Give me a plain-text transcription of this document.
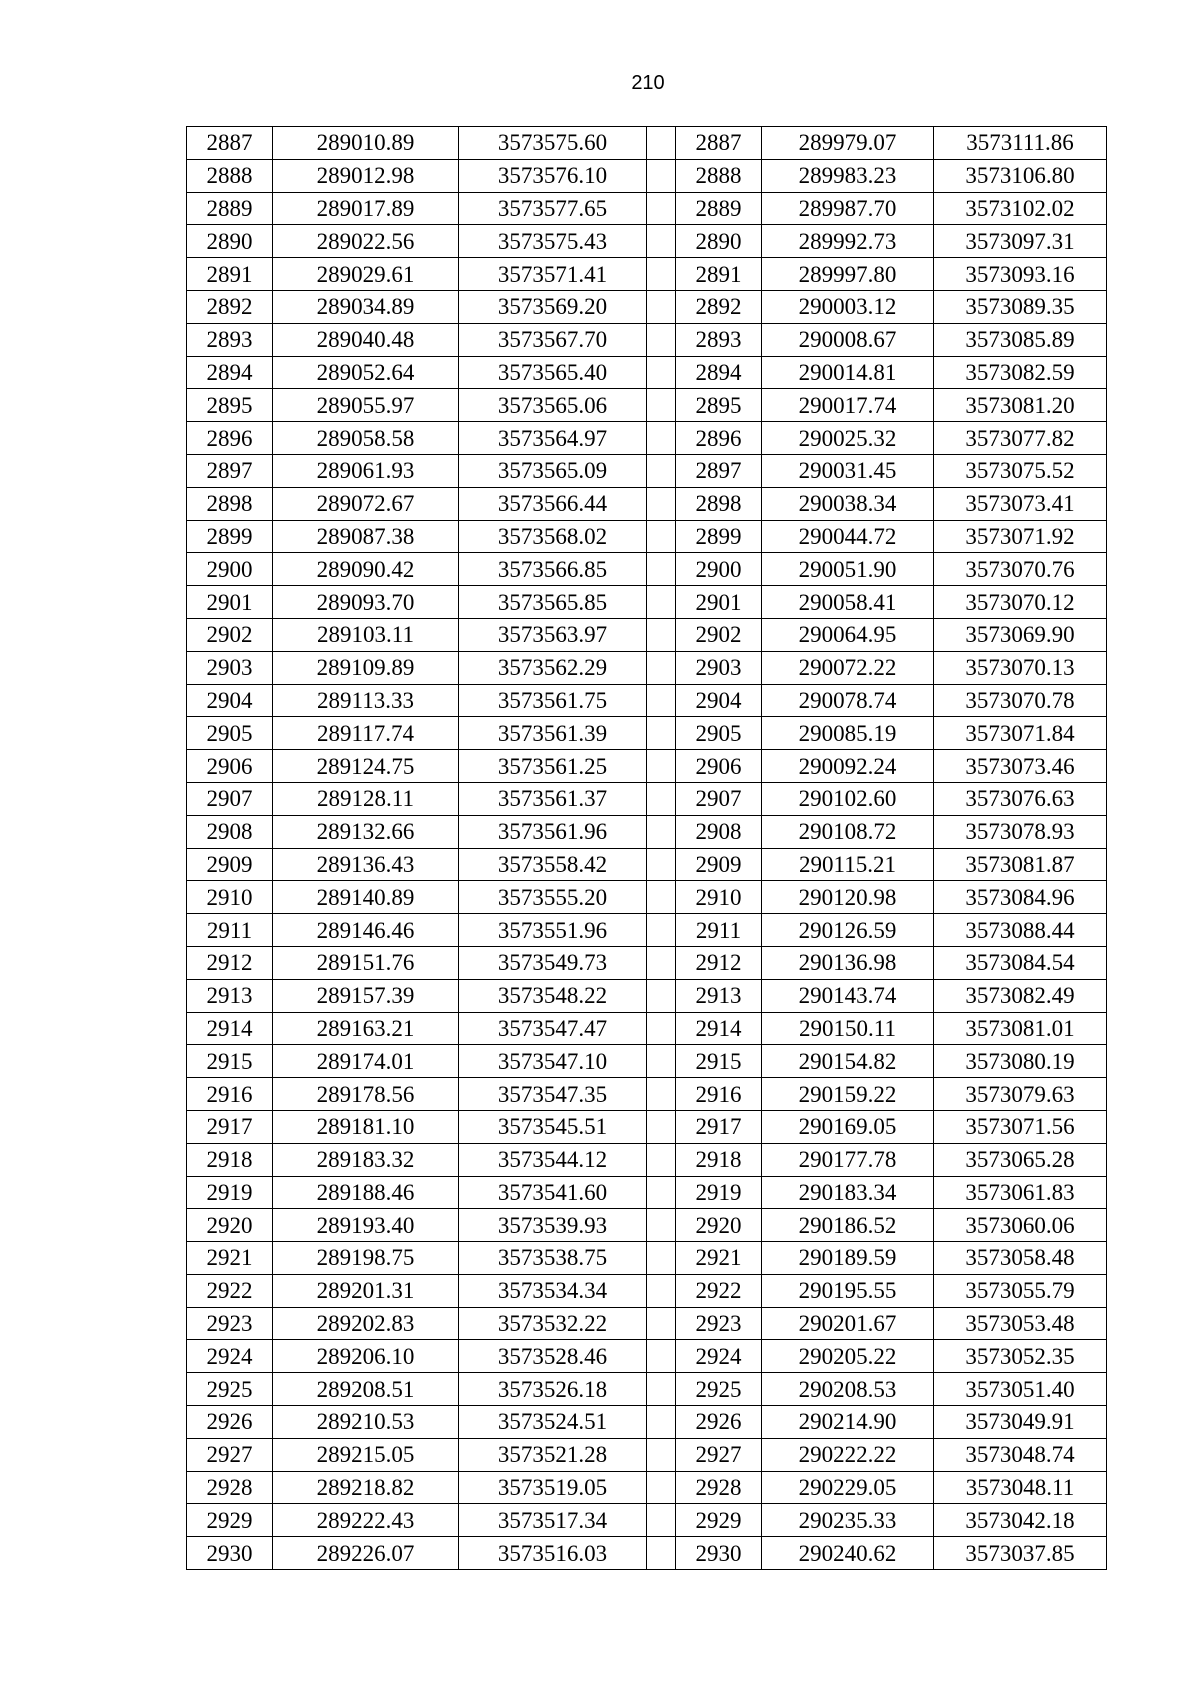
210
2887	289010.89	3573575.60		2887	289979.07	3573111.86
2888	289012.98	3573576.10		2888	289983.23	3573106.80
2889	289017.89	3573577.65		2889	289987.70	3573102.02
2890	289022.56	3573575.43		2890	289992.73	3573097.31
2891	289029.61	3573571.41		2891	289997.80	3573093.16
2892	289034.89	3573569.20		2892	290003.12	3573089.35
2893	289040.48	3573567.70		2893	290008.67	3573085.89
2894	289052.64	3573565.40		2894	290014.81	3573082.59
2895	289055.97	3573565.06		2895	290017.74	3573081.20
2896	289058.58	3573564.97		2896	290025.32	3573077.82
2897	289061.93	3573565.09		2897	290031.45	3573075.52
2898	289072.67	3573566.44		2898	290038.34	3573073.41
2899	289087.38	3573568.02		2899	290044.72	3573071.92
2900	289090.42	3573566.85		2900	290051.90	3573070.76
2901	289093.70	3573565.85		2901	290058.41	3573070.12
2902	289103.11	3573563.97		2902	290064.95	3573069.90
2903	289109.89	3573562.29		2903	290072.22	3573070.13
2904	289113.33	3573561.75		2904	290078.74	3573070.78
2905	289117.74	3573561.39		2905	290085.19	3573071.84
2906	289124.75	3573561.25		2906	290092.24	3573073.46
2907	289128.11	3573561.37		2907	290102.60	3573076.63
2908	289132.66	3573561.96		2908	290108.72	3573078.93
2909	289136.43	3573558.42		2909	290115.21	3573081.87
2910	289140.89	3573555.20		2910	290120.98	3573084.96
2911	289146.46	3573551.96		2911	290126.59	3573088.44
2912	289151.76	3573549.73		2912	290136.98	3573084.54
2913	289157.39	3573548.22		2913	290143.74	3573082.49
2914	289163.21	3573547.47		2914	290150.11	3573081.01
2915	289174.01	3573547.10		2915	290154.82	3573080.19
2916	289178.56	3573547.35		2916	290159.22	3573079.63
2917	289181.10	3573545.51		2917	290169.05	3573071.56
2918	289183.32	3573544.12		2918	290177.78	3573065.28
2919	289188.46	3573541.60		2919	290183.34	3573061.83
2920	289193.40	3573539.93		2920	290186.52	3573060.06
2921	289198.75	3573538.75		2921	290189.59	3573058.48
2922	289201.31	3573534.34		2922	290195.55	3573055.79
2923	289202.83	3573532.22		2923	290201.67	3573053.48
2924	289206.10	3573528.46		2924	290205.22	3573052.35
2925	289208.51	3573526.18		2925	290208.53	3573051.40
2926	289210.53	3573524.51		2926	290214.90	3573049.91
2927	289215.05	3573521.28		2927	290222.22	3573048.74
2928	289218.82	3573519.05		2928	290229.05	3573048.11
2929	289222.43	3573517.34		2929	290235.33	3573042.18
2930	289226.07	3573516.03		2930	290240.62	3573037.85
